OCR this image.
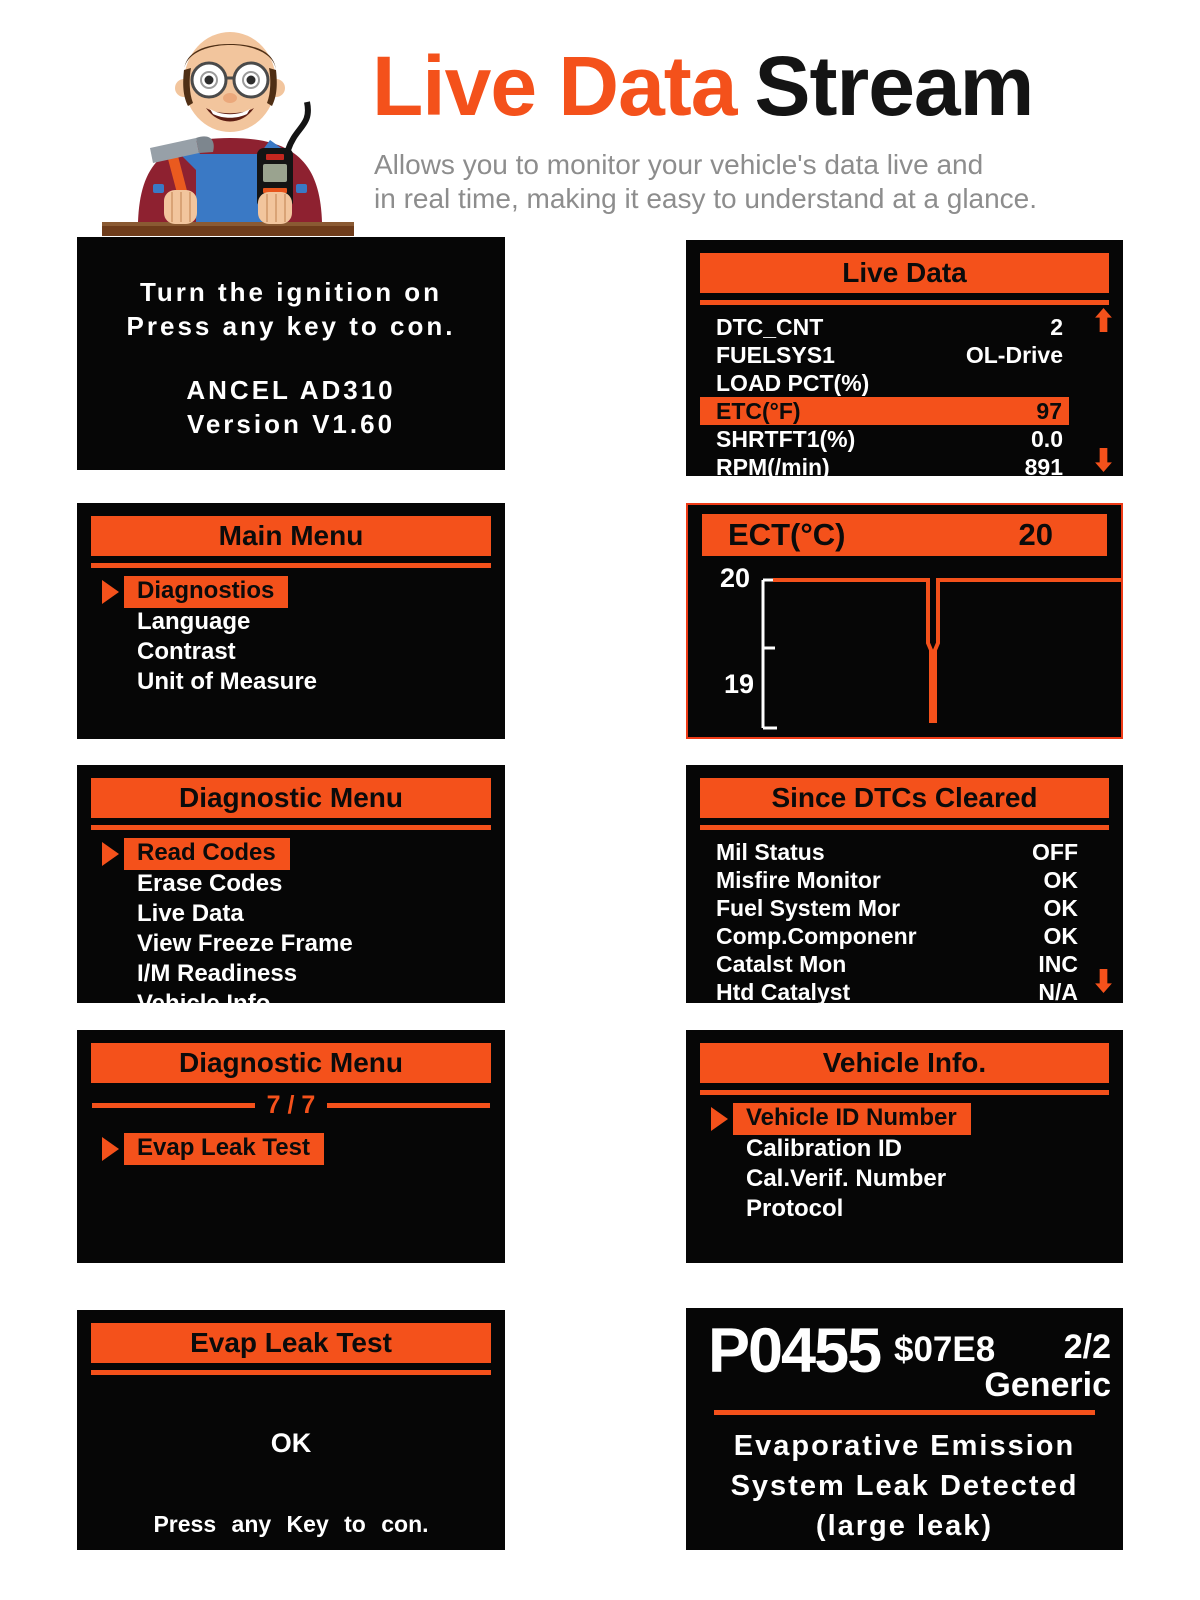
Live Data Stream
Allows you to monitor your vehicle's data live and
in real time, making it easy to understand at a glance.
Turn the ignition on
Press any key to con.
ANCEL AD310
Version V1.60
Main Menu
Diagnostios
Language
Contrast
Unit of Measure
Diagnostic Menu
Read Codes
Erase Codes
Live Data
View Freeze Frame
I/M Readiness
Vehicle Info.
Diagnostic Menu
7 / 7
Evap Leak Test
Evap Leak Test
OK
Press any Key to con.
Live Data
DTC_CNT	2
FUELSYS1	OL-Drive
LOAD PCT(%)
ETC(°F)	97
SHRTFT1(%)	0.0
RPM(/min)	891
ECT(°C)	20
20
19
Since DTCs Cleared
Mil Status	OFF
Misfire Monitor	OK
Fuel System Mor	OK
Comp.Componenr	OK
Catalst Mon	INC
Htd Catalyst	N/A
Vehicle Info.
Vehicle ID Number
Calibration ID
Cal.Verif. Number
Protocol
P0455 $07E8	2/2
Generic
Evaporative Emission
System Leak Detected
(large leak)
